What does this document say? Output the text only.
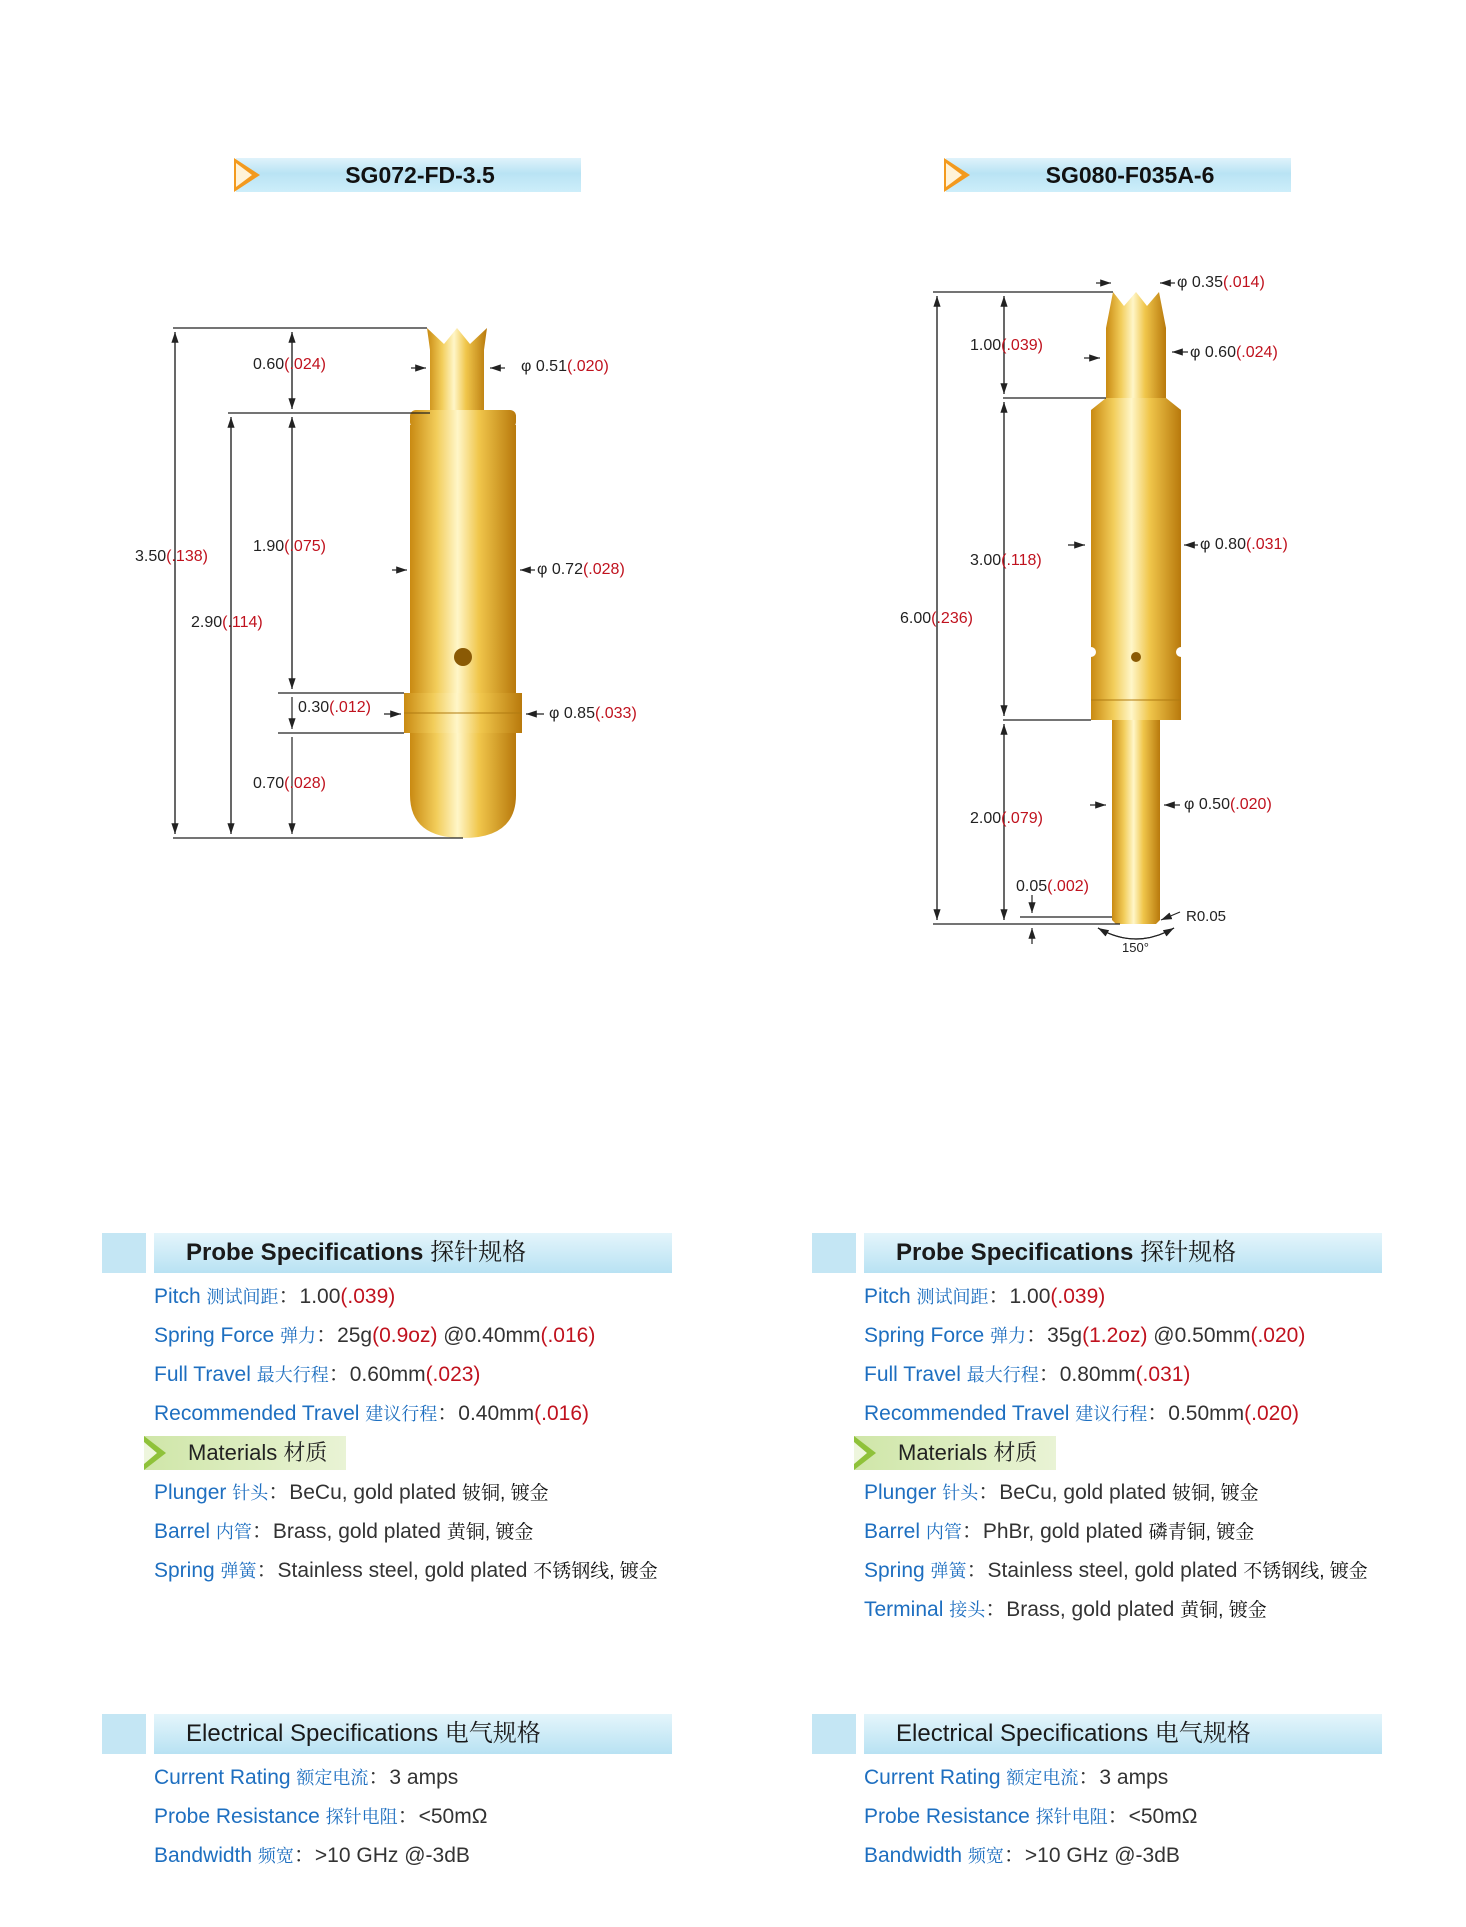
SG072-FD-3.5	SG080-F035A-6
0.60(.024)	φ 0.51(.020)
1.90(.075)
3.50(.138)
φ 0.72(.028)
2.90(.114)
0.30(.012)	φ 0.85(.033)
0.70(.028)
φ 0.35(.014)
1.00(.039)	φ 0.60(.024)
φ 0.80(.031)
3.00(.118)
6.00(.236)
φ 0.50(.020)
2.00(.079)
0.05(.002)
R0.05
150°
Probe Specifications 探针规格
Pitch 测试间距：1.00(.039)
Spring Force 弹力：25g(0.9oz) @0.40mm(.016)
Full Travel 最大行程：0.60mm(.023)
Recommended Travel 建议行程：0.40mm(.016)
Materials 材质
Plunger 针头：BeCu, gold plated 铍铜, 镀金
Barrel 内管：Brass, gold plated 黄铜, 镀金
Spring 弹簧：Stainless steel, gold plated 不锈钢线, 镀金
Probe Specifications 探针规格
Pitch 测试间距：1.00(.039)
Spring Force 弹力：35g(1.2oz) @0.50mm(.020)
Full Travel 最大行程：0.80mm(.031)
Recommended Travel 建议行程：0.50mm(.020)
Materials 材质
Plunger 针头：BeCu, gold plated 铍铜, 镀金
Barrel 内管：PhBr, gold plated 磷青铜, 镀金
Spring 弹簧：Stainless steel, gold plated 不锈钢线, 镀金
Terminal 接头：Brass, gold plated 黄铜, 镀金
Electrical Specifications 电气规格
Current Rating 额定电流：3 amps
Probe Resistance 探针电阻：<50mΩ
Bandwidth 频宽：>10 GHz @-3dB
Electrical Specifications 电气规格
Current Rating 额定电流：3 amps
Probe Resistance 探针电阻：<50mΩ
Bandwidth 频宽：>10 GHz @-3dB
